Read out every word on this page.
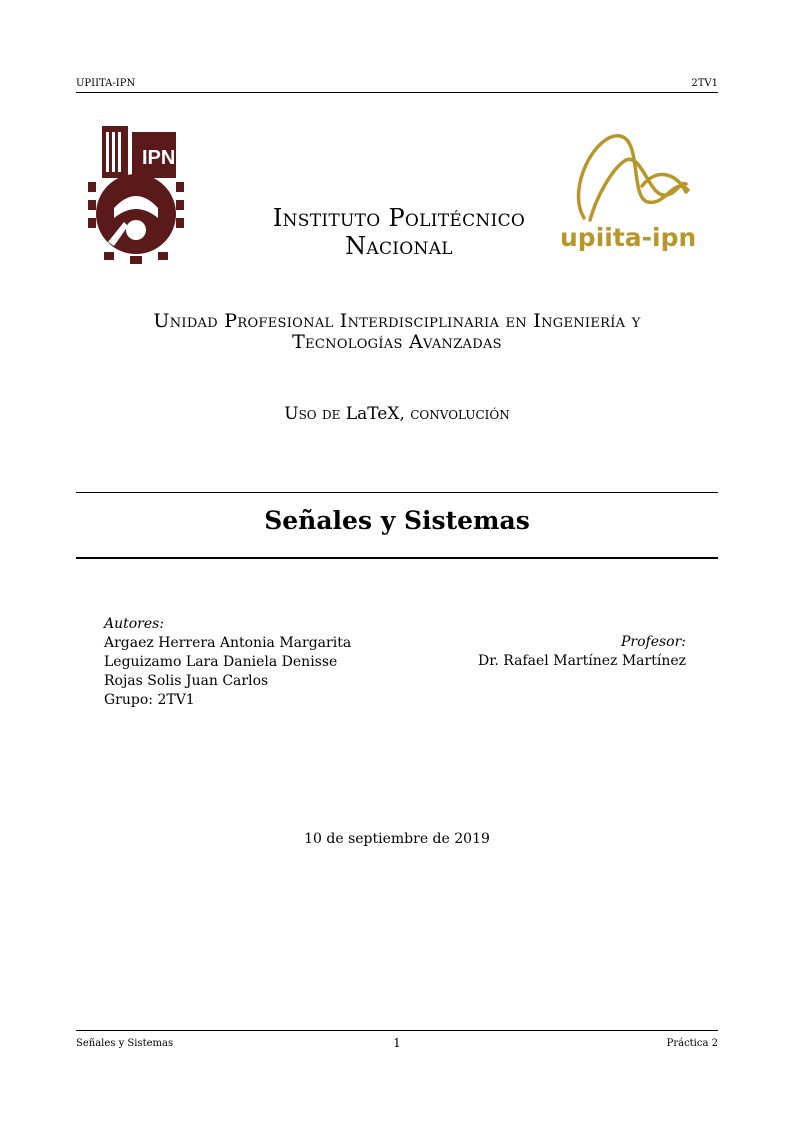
UPIITA-IPN	2TV1
IPN
upiita-ipn
Instituto Politécnico
Nacional
Unidad Profesional Interdisciplinaria en Ingeniería y
Tecnologías Avanzadas
Uso de LaTeX, convolución
Señales y Sistemas
Autores:
Argaez Herrera Antonia Margarita
Leguizamo Lara Daniela Denisse
Rojas Solis Juan Carlos
Grupo: 2TV1
Profesor:
Dr. Rafael Martínez Martínez
10 de septiembre de 2019
Señales y Sistemas	1	Práctica 2
